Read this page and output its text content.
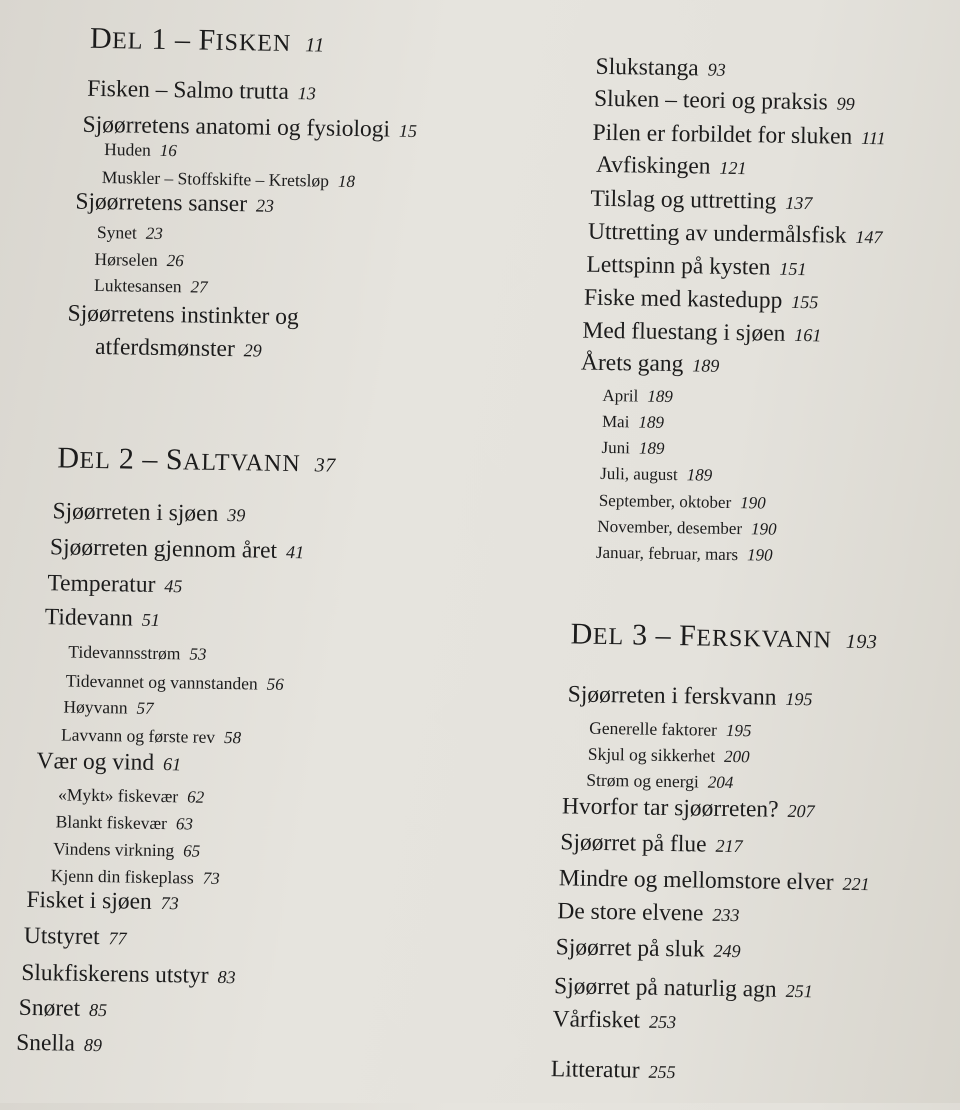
DEL 1 – FISKEN 11
Fisken – Salmo trutta 13
Sjøørretens anatomi og fysiologi 15
Huden 16
Muskler – Stoffskifte – Kretsløp 18
Sjøørretens sanser 23
Synet 23
Hørselen 26
Luktesansen 27
Sjøørretens instinkter og
atferdsmønster 29
DEL 2 – SALTVANN 37
Sjøørreten i sjøen 39
Sjøørreten gjennom året 41
Temperatur 45
Tidevann 51
Tidevannsstrøm 53
Tidevannet og vannstanden 56
Høyvann 57
Lavvann og første rev 58
Vær og vind 61
«Mykt» fiskevær 62
Blankt fiskevær 63
Vindens virkning 65
Kjenn din fiskeplass 73
Fisket i sjøen 73
Utstyret 77
Slukfiskerens utstyr 83
Snøret 85
Snella 89
Slukstanga 93
Sluken – teori og praksis 99
Pilen er forbildet for sluken 111
Avfiskingen 121
Tilslag og uttretting 137
Uttretting av undermålsfisk 147
Lettspinn på kysten 151
Fiske med kastedupp 155
Med fluestang i sjøen 161
Årets gang 189
April 189
Mai 189
Juni 189
Juli, august 189
September, oktober 190
November, desember 190
Januar, februar, mars 190
DEL 3 – FERSKVANN 193
Sjøørreten i ferskvann 195
Generelle faktorer 195
Skjul og sikkerhet 200
Strøm og energi 204
Hvorfor tar sjøørreten? 207
Sjøørret på flue 217
Mindre og mellomstore elver 221
De store elvene 233
Sjøørret på sluk 249
Sjøørret på naturlig agn 251
Vårfisket 253
Litteratur 255
